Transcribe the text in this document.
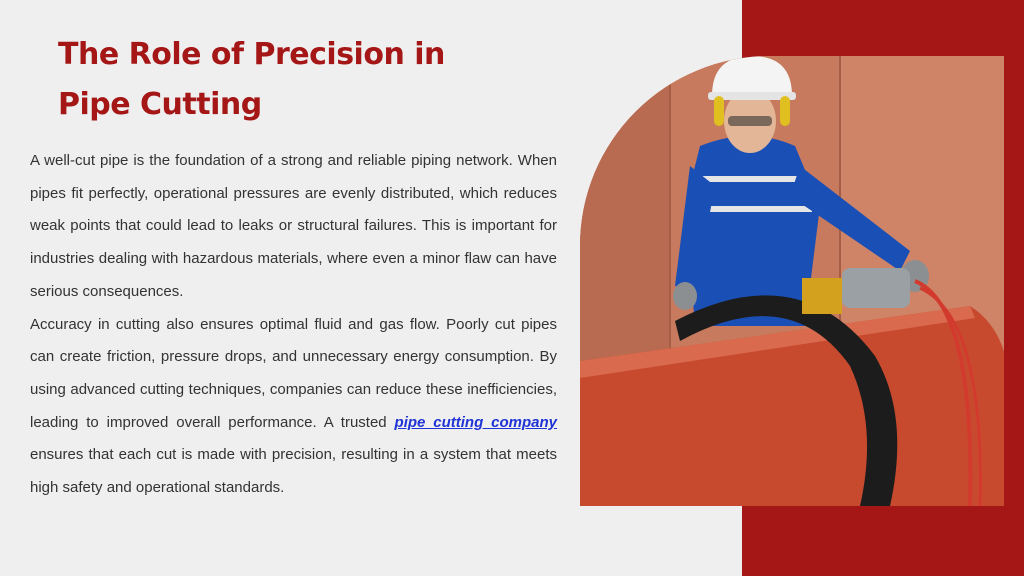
The Role of Precision in
Pipe Cutting

A well-cut pipe is the foundation of a strong and reliable piping network. When pipes fit perfectly, operational pressures are evenly distributed, which reduces weak points that could lead to leaks or structural failures. This is important for industries dealing with hazardous materials, where even a minor flaw can have serious consequences.

Accuracy in cutting also ensures optimal fluid and gas flow. Poorly cut pipes can create friction, pressure drops, and unnecessary energy consumption. By using advanced cutting techniques, companies can reduce these inefficiencies, leading to improved overall performance. A trusted pipe cutting company ensures that each cut is made with precision, resulting in a system that meets high safety and operational standards.
